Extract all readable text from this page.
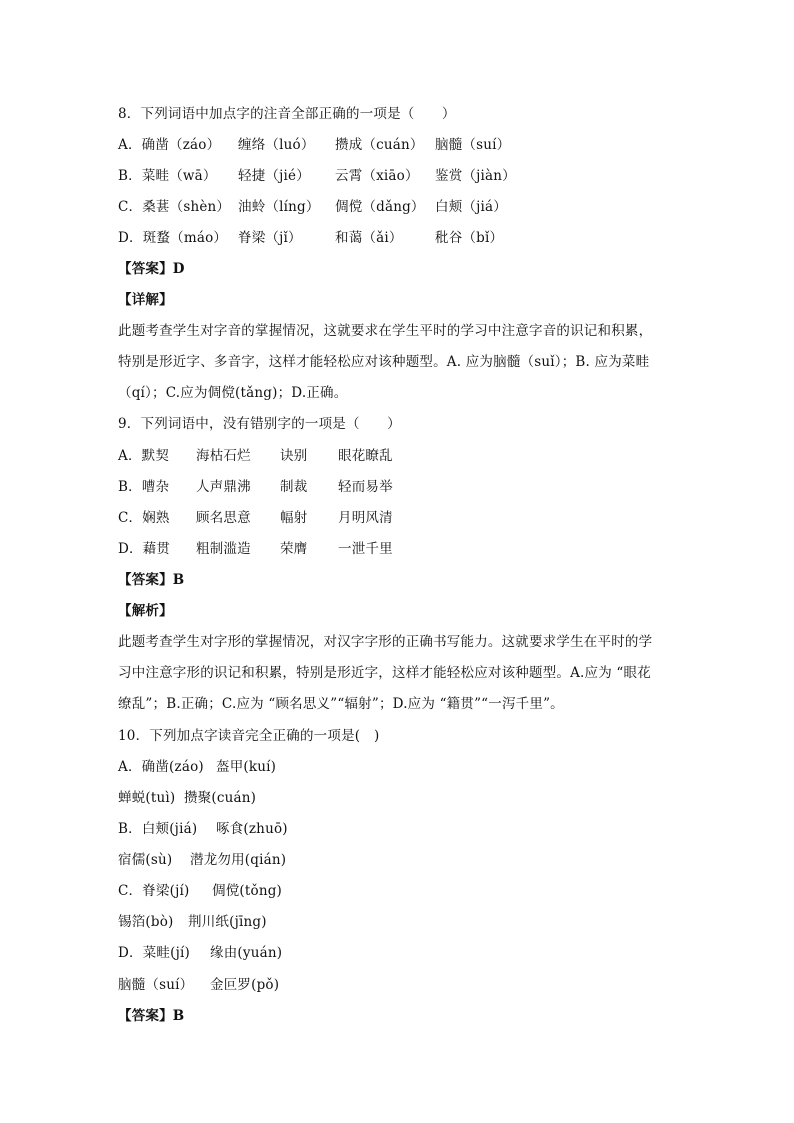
8．下列词语中加点字的注音全部正确的一项是（　　）

A．确凿（záo）

缠络（luó）

攒成（cuán）

脑髓（suí）

B．菜畦（wā）

轻捷（jié）

云霄（xiāo）

鉴赏（jiàn）

C．桑葚（shèn）

油蛉（líng）

倜傥（dǎng）

白颊（jiá）

D．斑蝥（máo）

脊梁（jǐ）

和蔼（ǎi）

秕谷（bǐ）

【答案】D
【详解】
此题考查学生对字音的掌握情况，这就要求在学生平时的学习中注意字音的识记和积累，
特别是形近字、多音字，这样才能轻松应对该种题型。A. 应为脑髓（suǐ）；B. 应为菜畦
（qí）；C.应为倜傥(tǎng)；D.正确。
9．下列词语中，没有错别字的一项是（　　）

A．默契

海枯石烂

诀别

眼花瞭乱

B．嘈杂

人声鼎沸

制裁

轻而易举

C．娴熟

顾名思意

幅射

月明风清

D．藉贯

粗制滥造

荣膺

一泄千里

【答案】B
【解析】
此题考查学生对字形的掌握情况，对汉字字形的正确书写能力。这就要求学生在平时的学
习中注意字形的识记和积累，特别是形近字，这样才能轻松应对该种题型。A.应为 “眼花
缭乱”；B.正确；C.应为 “顾名思义”“辐射”；D.应为 “籍贯”“一泻千里”。
10．下列加点字读音完全正确的一项是(　)

A．确凿(záo)

盔甲(kuí)

蝉蜕(tuì)

攒聚(cuán)

B．白颊(jiá)

啄食(zhuō)

宿儒(sù)

潜龙勿用(qián)

C．脊梁(jí)

倜傥(tǒng)

锡箔(bò)

荆川纸(jīng)

D．菜畦(jí)

缘由(yuán)

脑髓（suí）

金叵罗(pǒ)

【答案】B
